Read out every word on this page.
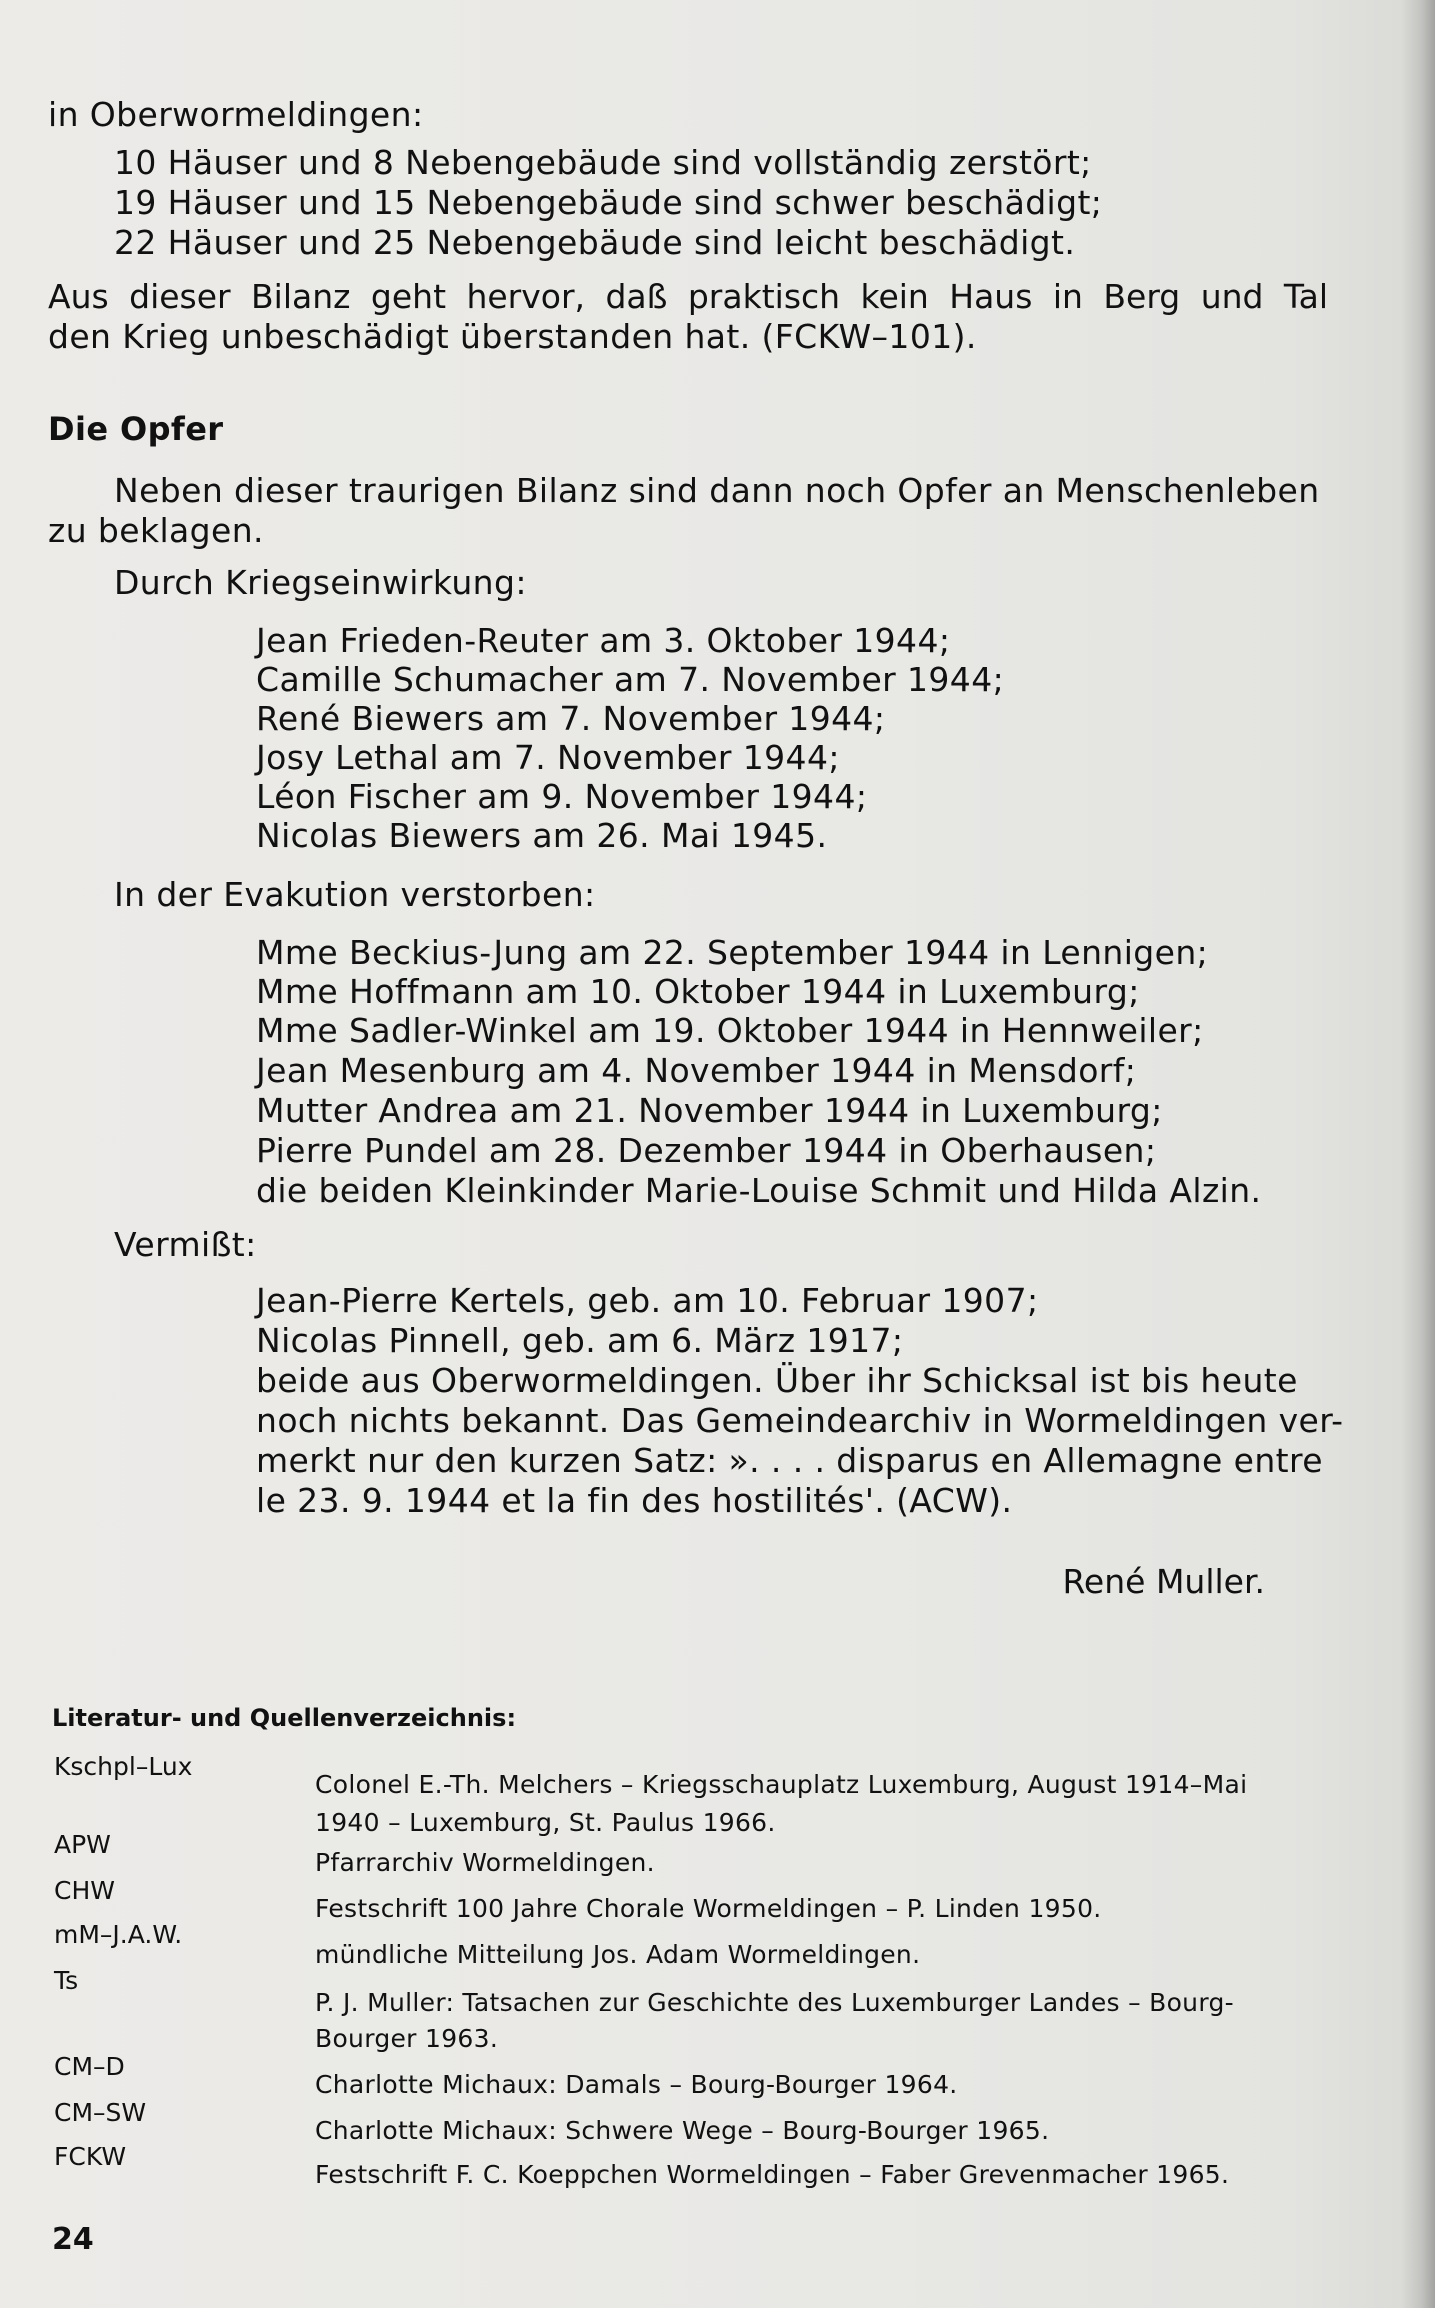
in Oberwormeldingen:
10 Häuser und 8 Nebengebäude sind vollständig zerstört;
19 Häuser und 15 Nebengebäude sind schwer beschädigt;
22 Häuser und 25 Nebengebäude sind leicht beschädigt.
Aus dieser Bilanz geht hervor, daß praktisch kein Haus in Berg und Tal
den Krieg unbeschädigt überstanden hat. (FCKW–101).
Die Opfer
Neben dieser traurigen Bilanz sind dann noch Opfer an Menschenleben
zu beklagen.
Durch Kriegseinwirkung:
Jean Frieden-Reuter am 3. Oktober 1944;
Camille Schumacher am 7. November 1944;
René Biewers am 7. November 1944;
Josy Lethal am 7. November 1944;
Léon Fischer am 9. November 1944;
Nicolas Biewers am 26. Mai 1945.
In der Evakution verstorben:
Mme Beckius-Jung am 22. September 1944 in Lennigen;
Mme Hoffmann am 10. Oktober 1944 in Luxemburg;
Mme Sadler-Winkel am 19. Oktober 1944 in Hennweiler;
Jean Mesenburg am 4. November 1944 in Mensdorf;
Mutter Andrea am 21. November 1944 in Luxemburg;
Pierre Pundel am 28. Dezember 1944 in Oberhausen;
die beiden Kleinkinder Marie-Louise Schmit und Hilda Alzin.
Vermißt:
Jean-Pierre Kertels, geb. am 10. Februar 1907;
Nicolas Pinnell, geb. am 6. März 1917;
beide aus Oberwormeldingen. Über ihr Schicksal ist bis heute
noch nichts bekannt. Das Gemeindearchiv in Wormeldingen ver-
merkt nur den kurzen Satz: ». . . . disparus en Allemagne entre
le 23. 9. 1944 et la fin des hostilités'. (ACW).
René Muller.
Literatur- und Quellenverzeichnis:
Kschpl–Lux
Colonel E.-Th. Melchers – Kriegsschauplatz Luxemburg, August 1914–Mai
1940 – Luxemburg, St. Paulus 1966.
APW
Pfarrarchiv Wormeldingen.
CHW
Festschrift 100 Jahre Chorale Wormeldingen – P. Linden 1950.
mM–J.A.W.
mündliche Mitteilung Jos. Adam Wormeldingen.
Ts
P. J. Muller: Tatsachen zur Geschichte des Luxemburger Landes – Bourg-
Bourger 1963.
CM–D
Charlotte Michaux: Damals – Bourg-Bourger 1964.
CM–SW
Charlotte Michaux: Schwere Wege – Bourg-Bourger 1965.
FCKW
Festschrift F. C. Koeppchen Wormeldingen – Faber Grevenmacher 1965.
24
